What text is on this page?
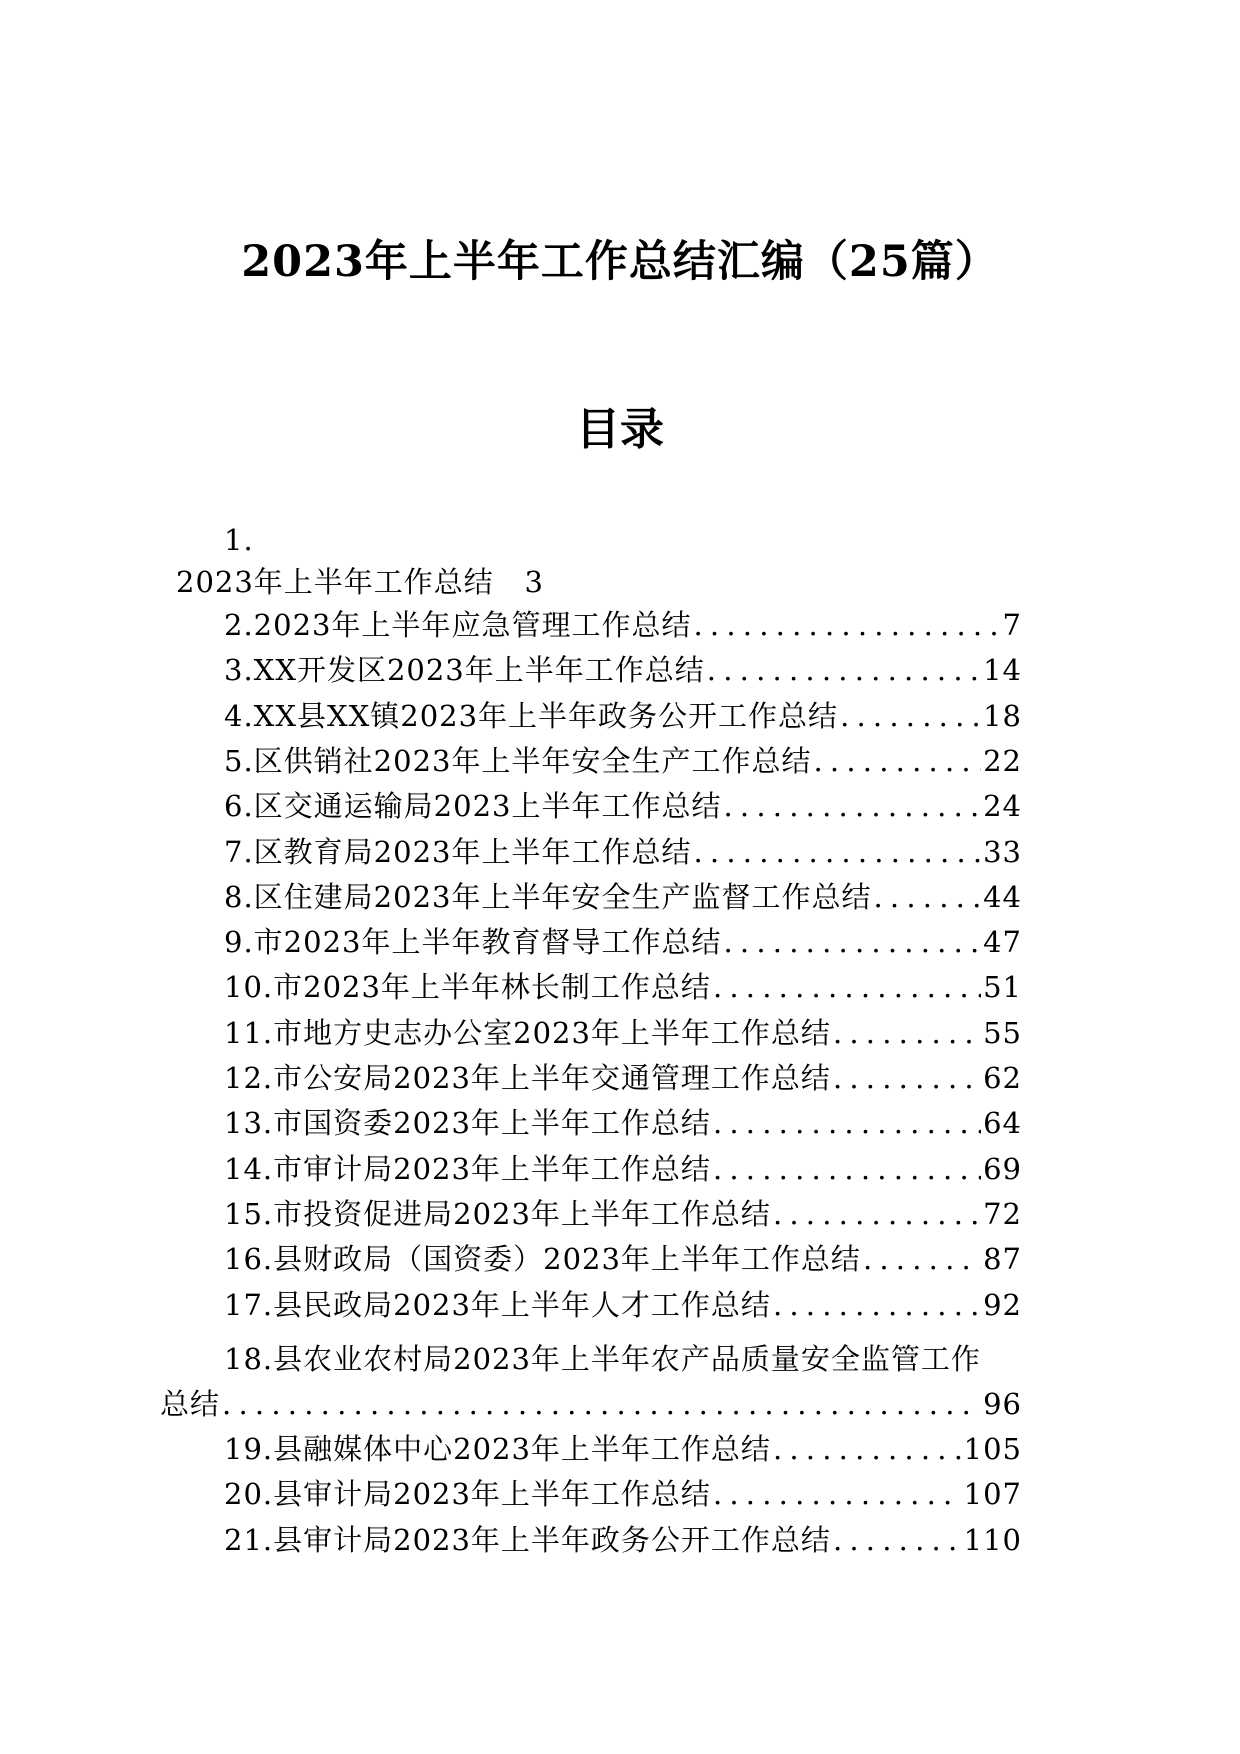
2023年上半年工作总结汇编（25篇）
目录
1.
2023年上半年工作总结 3
2.2023年上半年应急管理工作总结 . . .	7
3.XX开发区2023年上半年工作总结 . . .	14
4.XX县XX镇2023年上半年政务公开工作总结 . . .	18
5.区供销社2023年上半年安全生产工作总结 . . .	22
6.区交通运输局2023上半年工作总结 . . .	24
7.区教育局2023年上半年工作总结 . . .	33
8.区住建局2023年上半年安全生产监督工作总结 . . .	44
9.市2023年上半年教育督导工作总结 . . .	47
10.市2023年上半年林长制工作总结 . . .	51
11.市地方史志办公室2023年上半年工作总结 . . .	55
12.市公安局2023年上半年交通管理工作总结 . . .	62
13.市国资委2023年上半年工作总结 . . .	64
14.市审计局2023年上半年工作总结 . . .	69
15.市投资促进局2023年上半年工作总结 . . .	72
16.县财政局（国资委）2023年上半年工作总结 . . .	87
17.县民政局2023年上半年人才工作总结 . . .	92
18.县农业农村局2023年上半年农产品质量安全监管工作
总结 . . .	96
19.县融媒体中心2023年上半年工作总结 . . .	105
20.县审计局2023年上半年工作总结 . . .	107
21.县审计局2023年上半年政务公开工作总结 . . .	110
